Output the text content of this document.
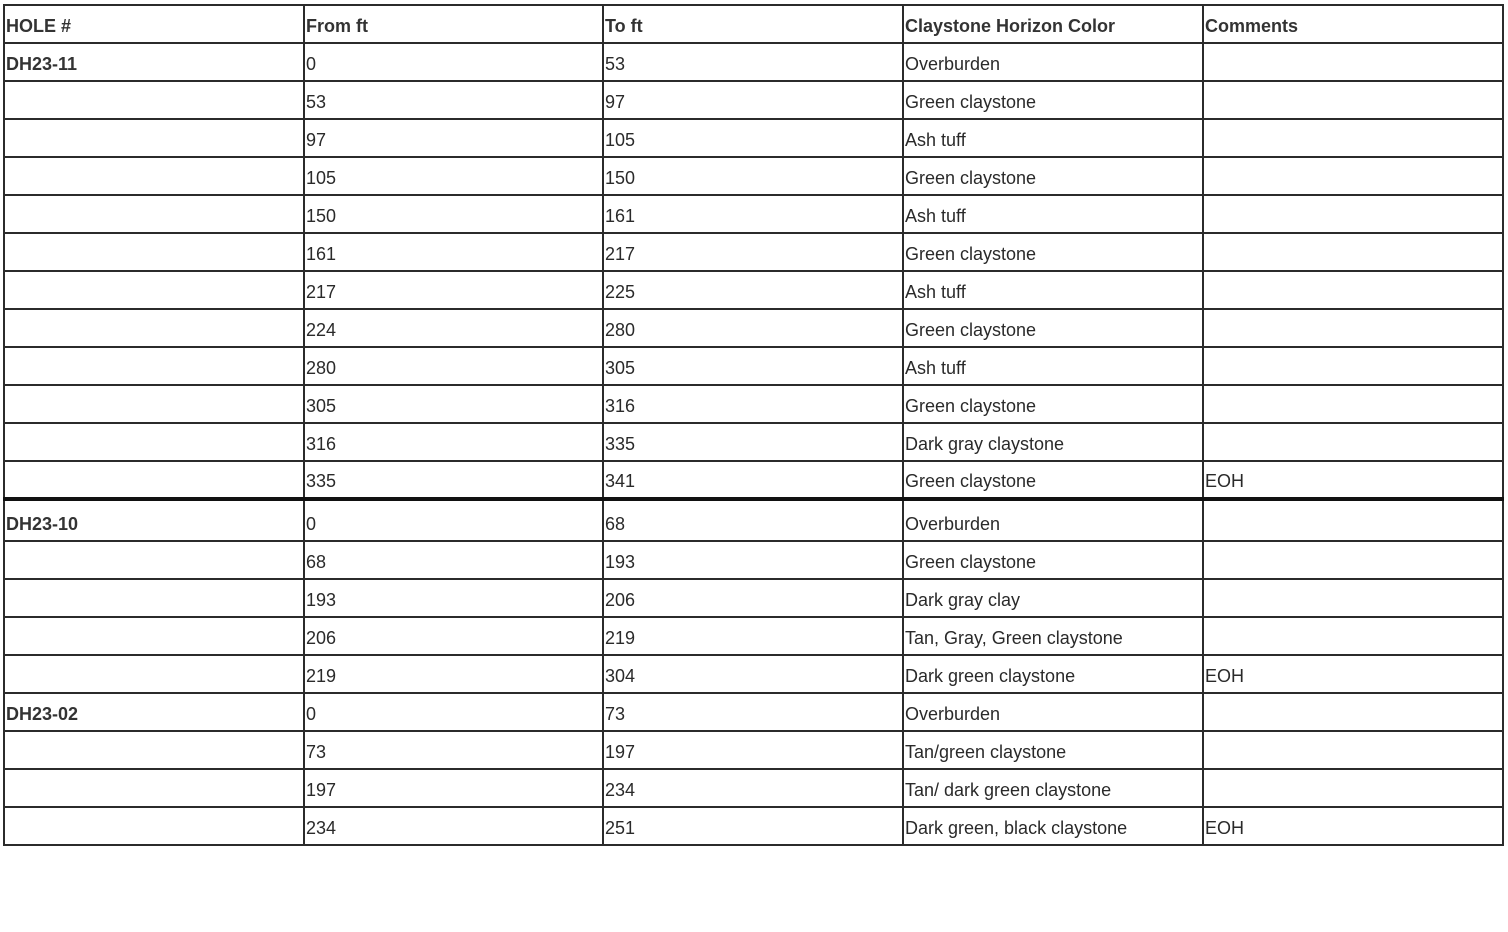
HOLE #	From ft	To ft	Claystone Horizon Color	Comments
DH23-11	0	53	Overburden	
	53	97	Green claystone	
	97	105	Ash tuff	
	105	150	Green claystone	
	150	161	Ash tuff	
	161	217	Green claystone	
	217	225	Ash tuff	
	224	280	Green claystone	
	280	305	Ash tuff	
	305	316	Green claystone	
	316	335	Dark gray claystone	
	335	341	Green claystone	EOH
DH23-10	0	68	Overburden	
	68	193	Green claystone	
	193	206	Dark gray clay	
	206	219	Tan, Gray, Green claystone	
	219	304	Dark green claystone	EOH
DH23-02	0	73	Overburden	
	73	197	Tan/green claystone	
	197	234	Tan/ dark green claystone	
	234	251	Dark green, black claystone	EOH
